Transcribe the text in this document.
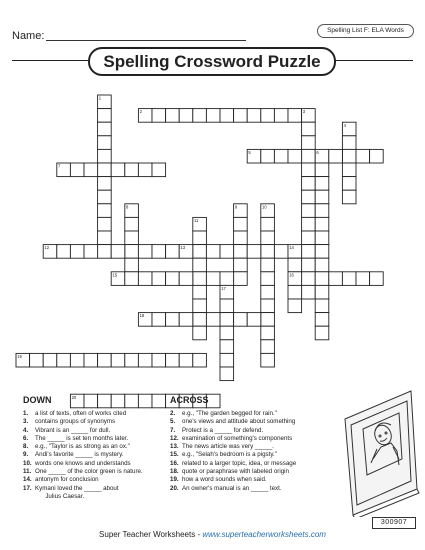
Name:	Spelling List F: ELA Words
Spelling Crossword Puzzle
1
2	3
4
5	6
7
8	9	10
11
12	13	14
16
15
17
18
19
20
DOWN
1.	a list of texts, often of works cited
3.	contains groups of synonyms
4.	Vibrant is an _____ for dull.
6.	The _____ is set ten months later.
8.	e.g., "Taylor is as strong as an ox."
9.	Andi's favorite _____ is mystery.
10. words one knows and understands
11. One _____ of the color green is nature.
14. antonym for conclusion
17. Kymani loved the _____ about
Julius Caesar.
ACROSS
2.	e.g., "The garden begged for rain."
5.	one's views and attitude about something
7.	Protect is a _____ for defend.
12. examination of something's components
13. The news article was very _____.
15. e.g., "Selah's bedroom is a pigsty."
16. related to a larger topic, idea, or message
18. quote or paraphrase with labeled origin
19. how a word sounds when said.
20. An owner's manual is an _____ text.
300907
Super Teacher Worksheets - www.superteacherworksheets.com
